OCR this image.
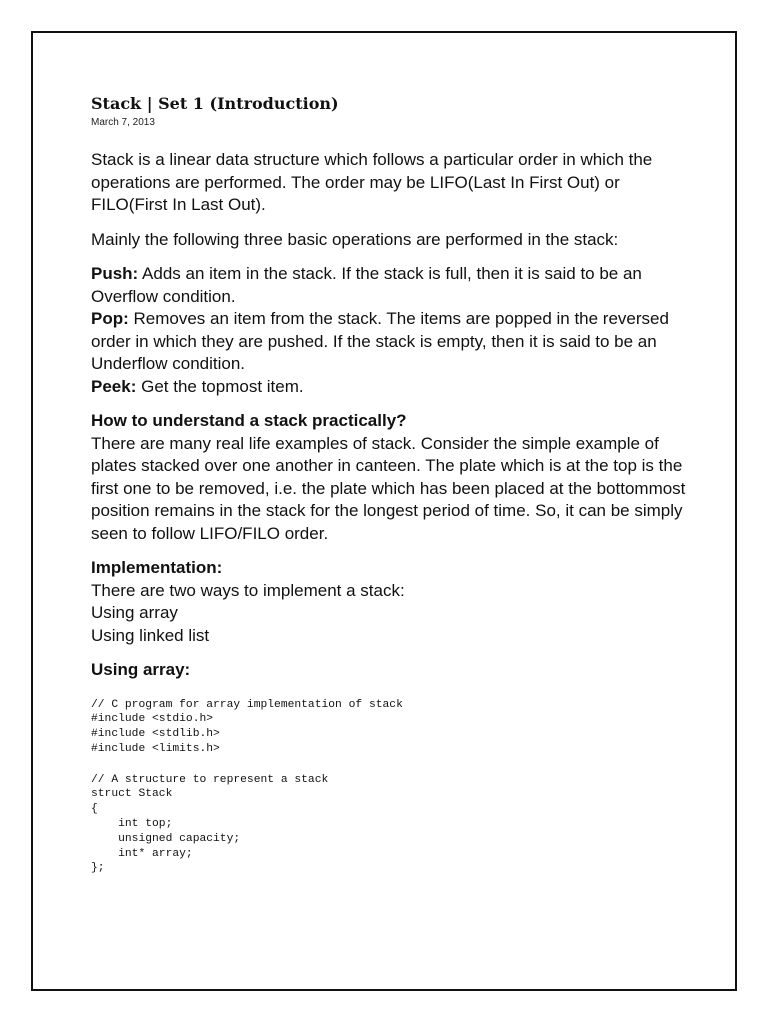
Stack | Set 1 (Introduction)
March 7, 2013

Stack is a linear data structure which follows a particular order in which the operations are performed. The order may be LIFO(Last In First Out) or FILO(First In Last Out).

Mainly the following three basic operations are performed in the stack:

Push: Adds an item in the stack. If the stack is full, then it is said to be an Overflow condition.

Pop: Removes an item from the stack. The items are popped in the reversed order in which they are pushed. If the stack is empty, then it is said to be an Underflow condition.

Peek: Get the topmost item.

How to understand a stack practically?

There are many real life examples of stack. Consider the simple example of plates stacked over one another in canteen. The plate which is at the top is the first one to be removed, i.e. the plate which has been placed at the bottommost position remains in the stack for the longest period of time. So, it can be simply seen to follow LIFO/FILO order.

Implementation:

There are two ways to implement a stack:

Using array

Using linked list

Using array:

// C program for array implementation of stack
#include <stdio.h>
#include <stdlib.h>
#include <limits.h>
// A structure to represent a stack
struct Stack
{
int top;
unsigned capacity;
int* array;
};
